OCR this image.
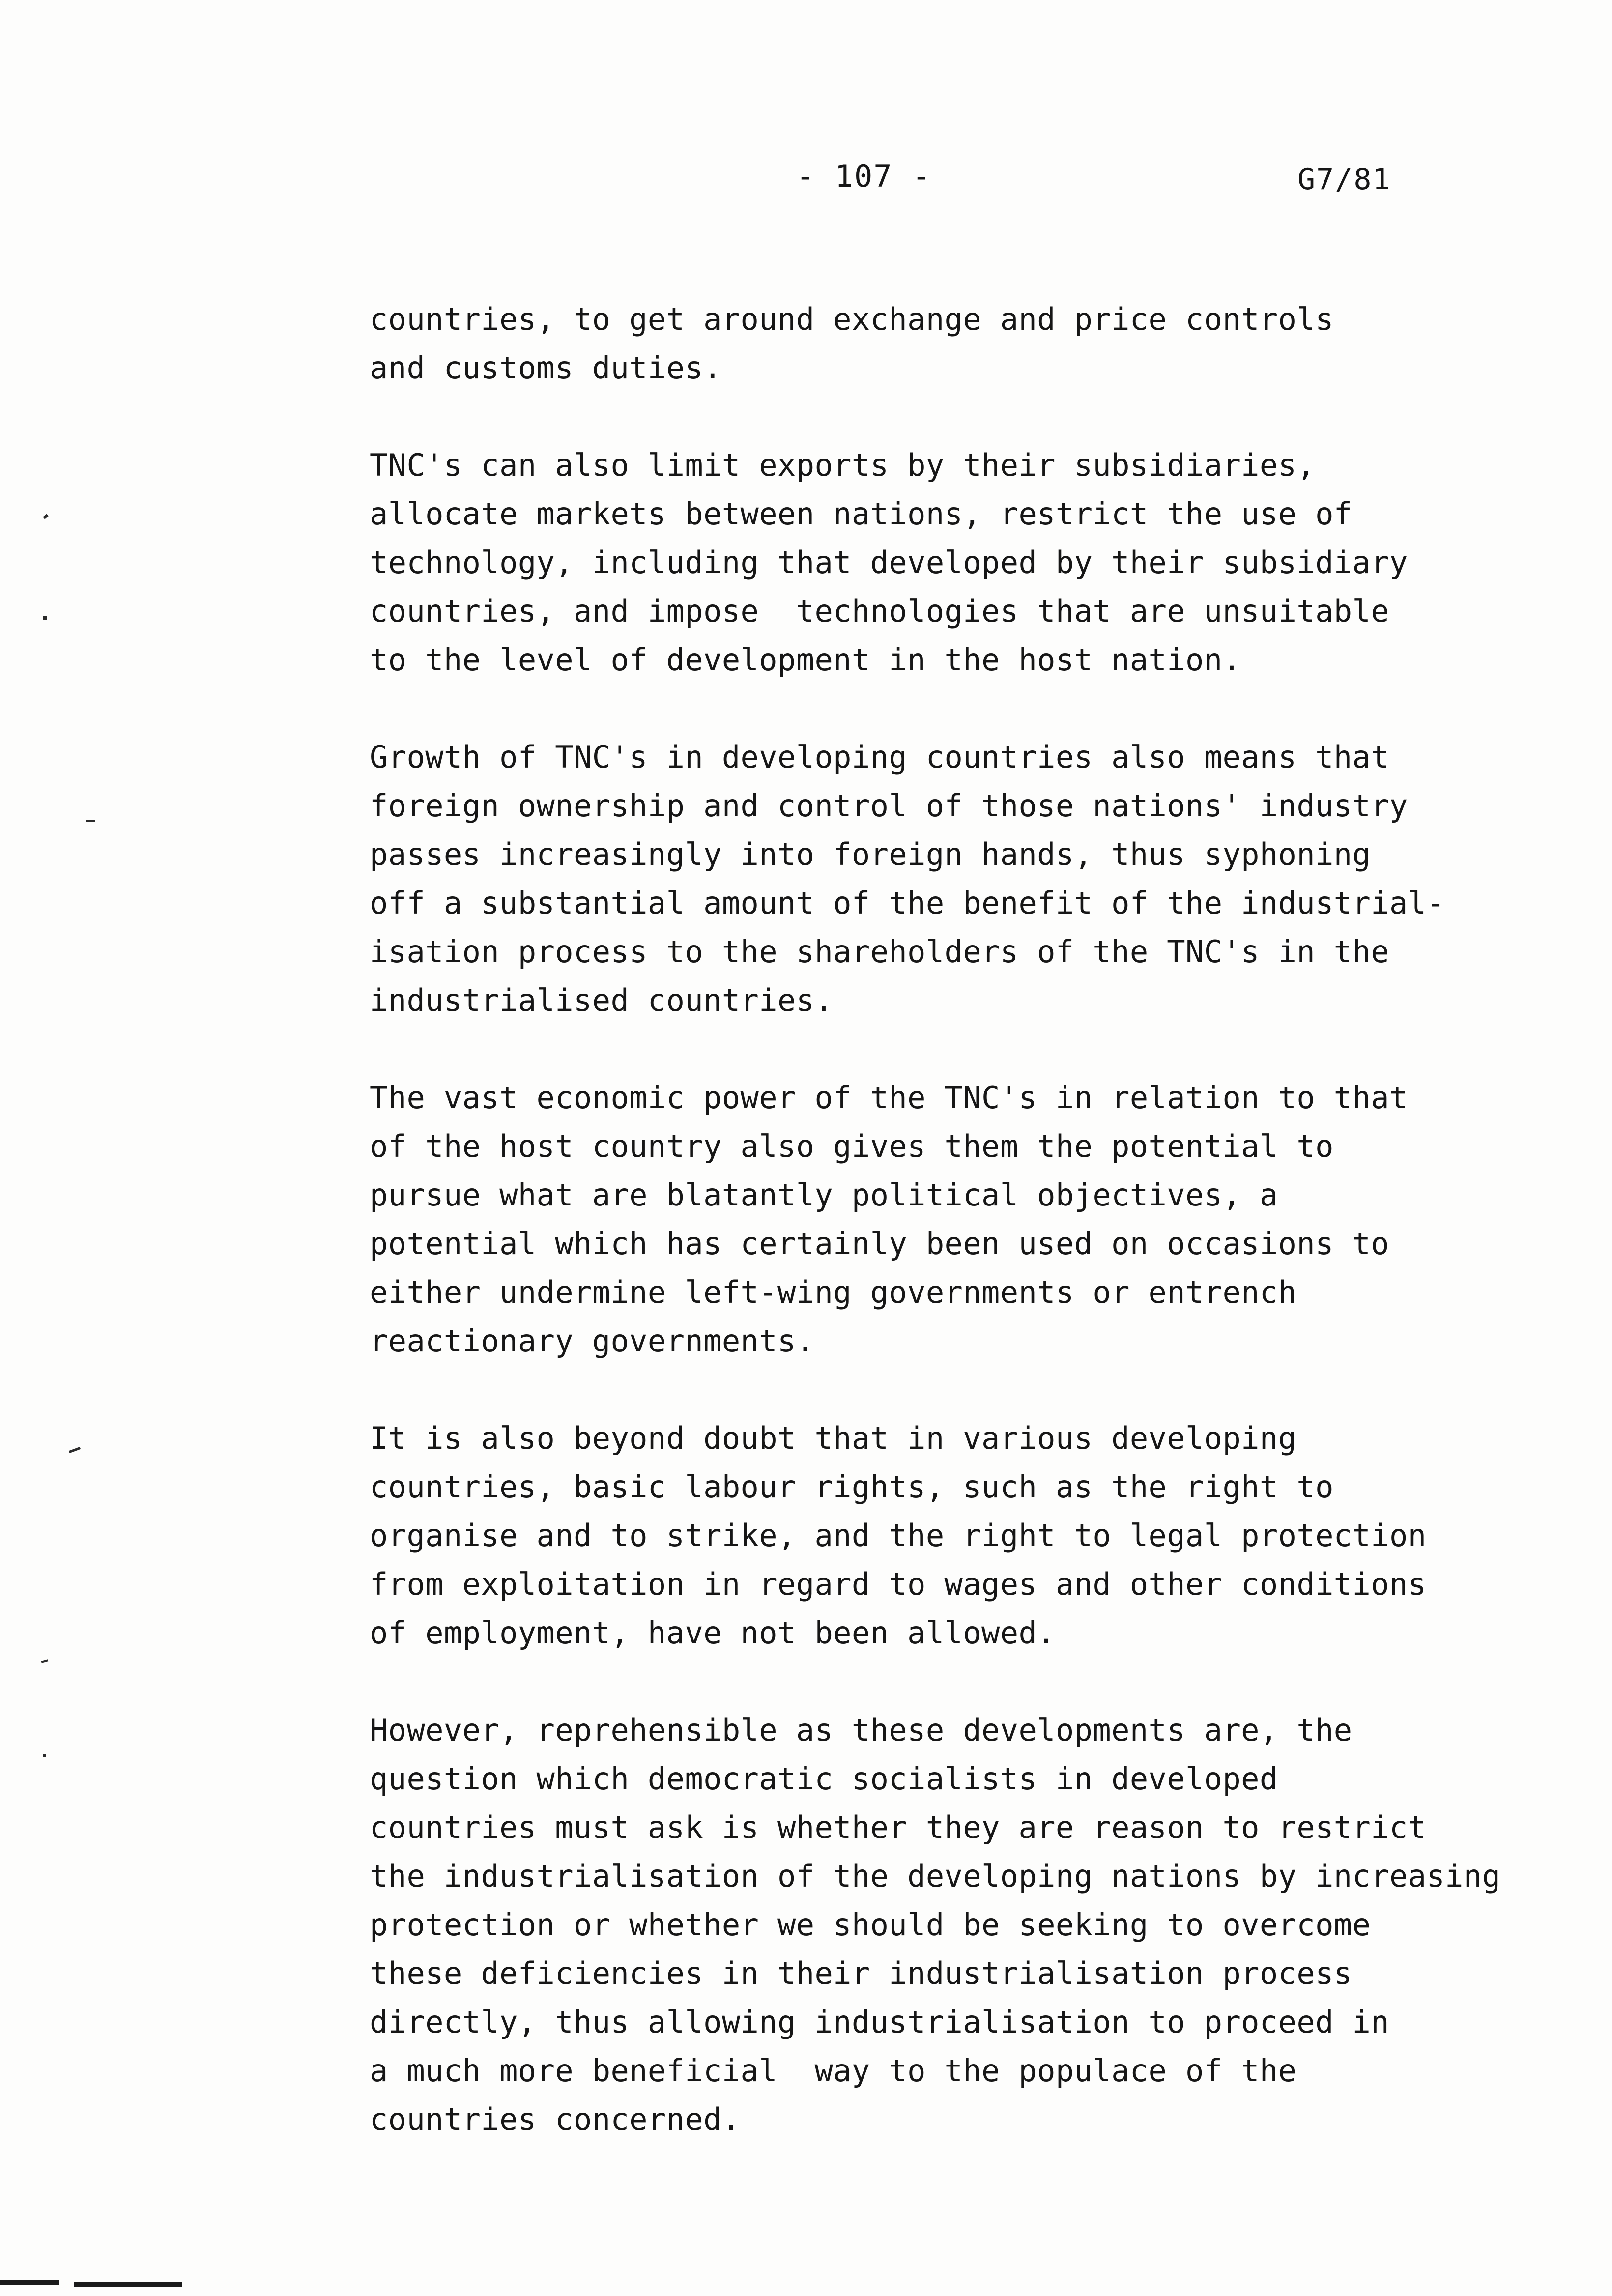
- 107 -	G7/81
countries, to get around exchange and price controls
and customs duties.
TNC's can also limit exports by their subsidiaries,
allocate markets between nations, restrict the use of
technology, including that developed by their subsidiary
countries, and impose  technologies that are unsuitable
to the level of development in the host nation.
Growth of TNC's in developing countries also means that
foreign ownership and control of those nations' industry
passes increasingly into foreign hands, thus syphoning
off a substantial amount of the benefit of the industrial-
isation process to the shareholders of the TNC's in the
industrialised countries.
The vast economic power of the TNC's in relation to that
of the host country also gives them the potential to
pursue what are blatantly political objectives, a
potential which has certainly been used on occasions to
either undermine left-wing governments or entrench
reactionary governments.
It is also beyond doubt that in various developing
countries, basic labour rights, such as the right to
organise and to strike, and the right to legal protection
from exploitation in regard to wages and other conditions
of employment, have not been allowed.
However, reprehensible as these developments are, the
question which democratic socialists in developed
countries must ask is whether they are reason to restrict
the industrialisation of the developing nations by increasing
protection or whether we should be seeking to overcome
these deficiencies in their industrialisation process
directly, thus allowing industrialisation to proceed in
a much more beneficial  way to the populace of the
countries concerned.
